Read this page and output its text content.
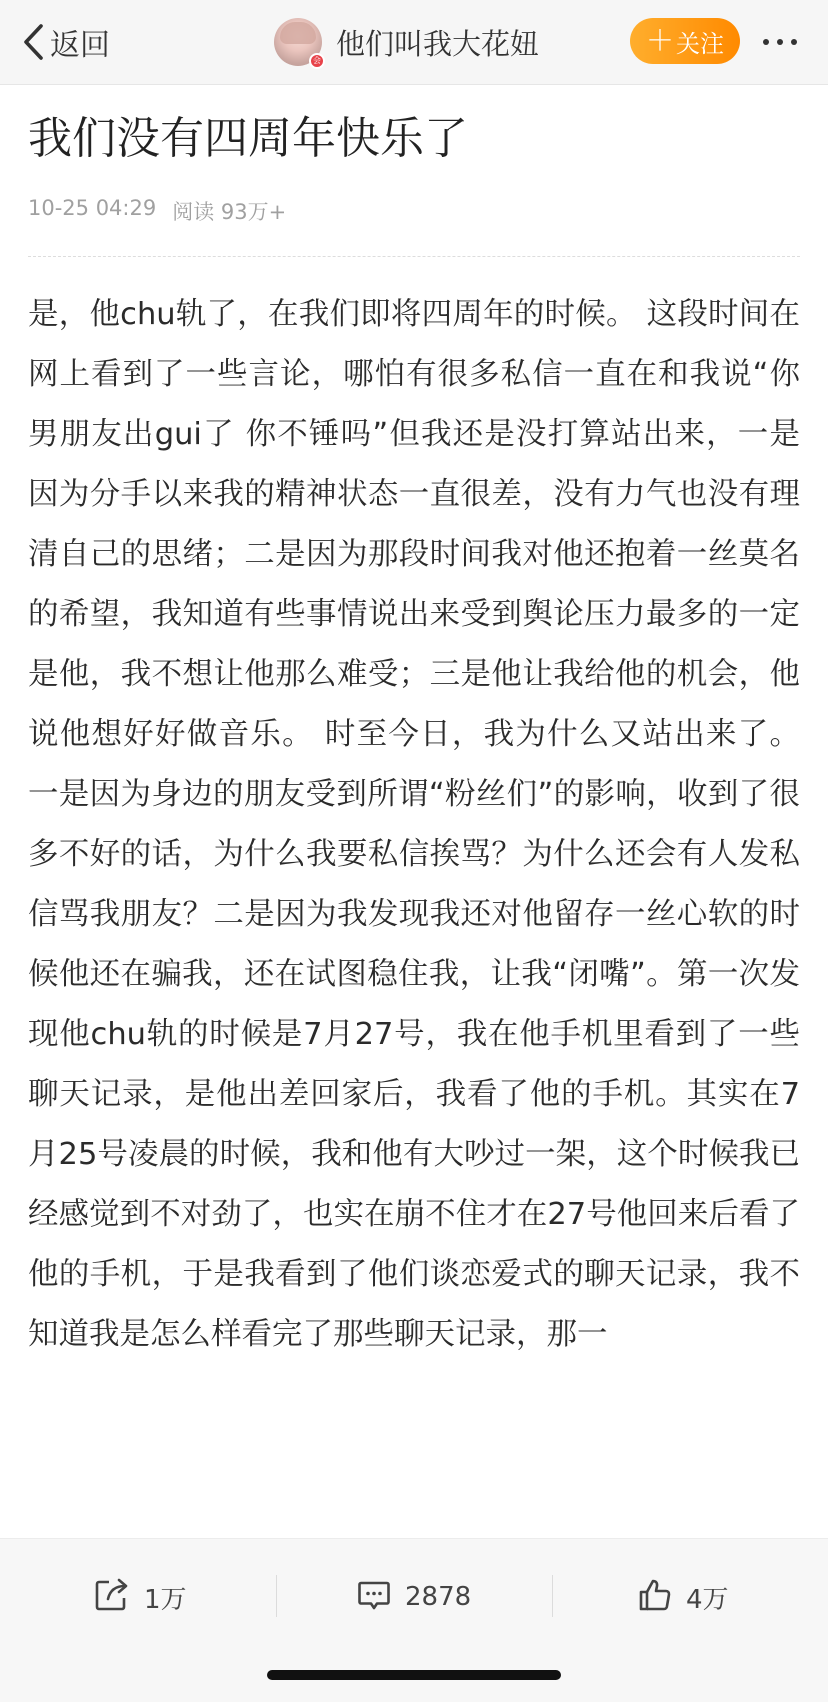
返回	会 他们叫我大花妞	＋ 关注
我们没有四周年快乐了
10-25 04:29 阅读 93万+

是，他chu轨了，在我们即将四周年的时候。 这段时间在网上看到了一些言论，哪怕有很多私信一直在和我说“你男朋友出gui了 你不锤吗”但我还是没打算站出来，一是因为分手以来我的精神状态一直很差，没有力气也没有理清自己的思绪；二是因为那段时间我对他还抱着一丝莫名的希望，我知道有些事情说出来受到舆论压力最多的一定是他，我不想让他那么难受；三是他让我给他的机会，他说他想好好做音乐。 时至今日，我为什么又站出来了。一是因为身边的朋友受到所谓“粉丝们”的影响，收到了很多不好的话，为什么我要私信挨骂？为什么还会有人发私信骂我朋友？二是因为我发现我还对他留存一丝心软的时候他还在骗我，还在试图稳住我，让我“闭嘴”。第一次发现他chu轨的时候是7月27号，我在他手机里看到了一些聊天记录，是他出差回家后，我看了他的手机。其实在7月25号凌晨的时候，我和他有大吵过一架，这个时候我已经感觉到不对劲了，也实在崩不住才在27号他回来后看了他的手机，于是我看到了他们谈恋爱式的聊天记录，我不知道我是怎么样看完了那些聊天记录，那一

1万	2878	4万
